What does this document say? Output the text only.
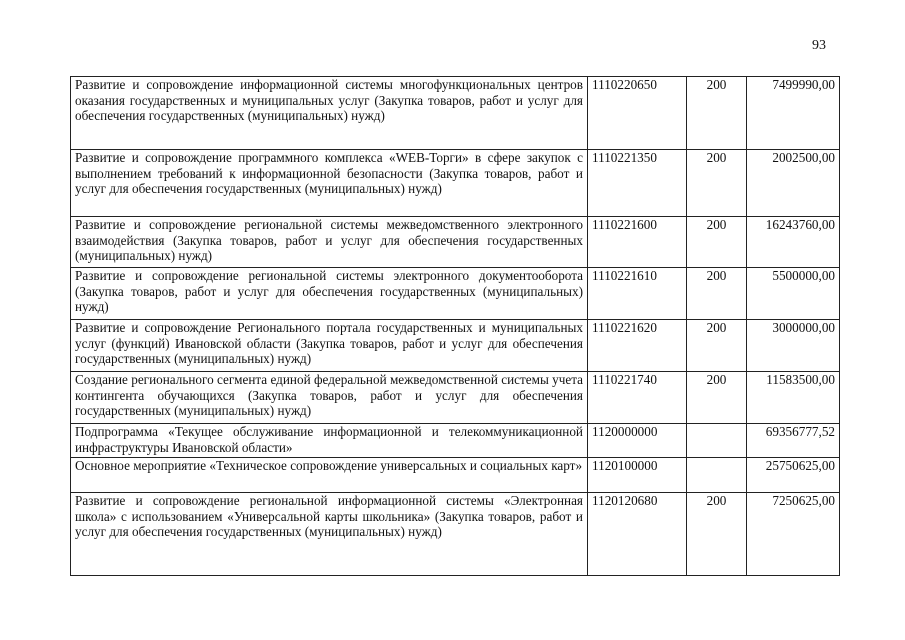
93
Развитие и сопровождение информационной системы многофункциональных центров оказания государственных и муниципальных услуг (Закупка товаров, работ и услуг для обеспечения государственных (муниципальных) нужд)	1110220650	200	7499990,00
Развитие и сопровождение программного комплекса «WEB-Торги» в сфере закупок с выполнением требований к информационной безопасности (Закупка товаров, работ и услуг для обеспечения государственных (муниципальных) нужд)	1110221350	200	2002500,00
Развитие и сопровождение региональной системы межведомственного электронного взаимодействия (Закупка товаров, работ и услуг для обеспечения государственных (муниципальных) нужд)	1110221600	200	16243760,00
Развитие и сопровождение региональной системы электронного документооборота (Закупка товаров, работ и услуг для обеспечения государственных (муниципальных) нужд)	1110221610	200	5500000,00
Развитие и сопровождение Регионального портала государственных и муниципальных услуг (функций) Ивановской области (Закупка товаров, работ и услуг для обеспечения государственных (муниципальных) нужд)	1110221620	200	3000000,00
Создание регионального сегмента единой федеральной межведомственной системы учета контингента обучающихся (Закупка товаров, работ и услуг для обеспечения государственных (муниципальных) нужд)	1110221740	200	11583500,00
Подпрограмма «Текущее обслуживание информационной и телекоммуникационной инфраструктуры Ивановской области»	1120000000		69356777,52
Основное мероприятие «Техническое сопровождение универсальных и социальных карт»	1120100000		25750625,00
Развитие и сопровождение региональной информационной системы «Электронная школа» с использованием «Универсальной карты школьника» (Закупка товаров, работ и услуг для обеспечения государственных (муниципальных) нужд)	1120120680	200	7250625,00
